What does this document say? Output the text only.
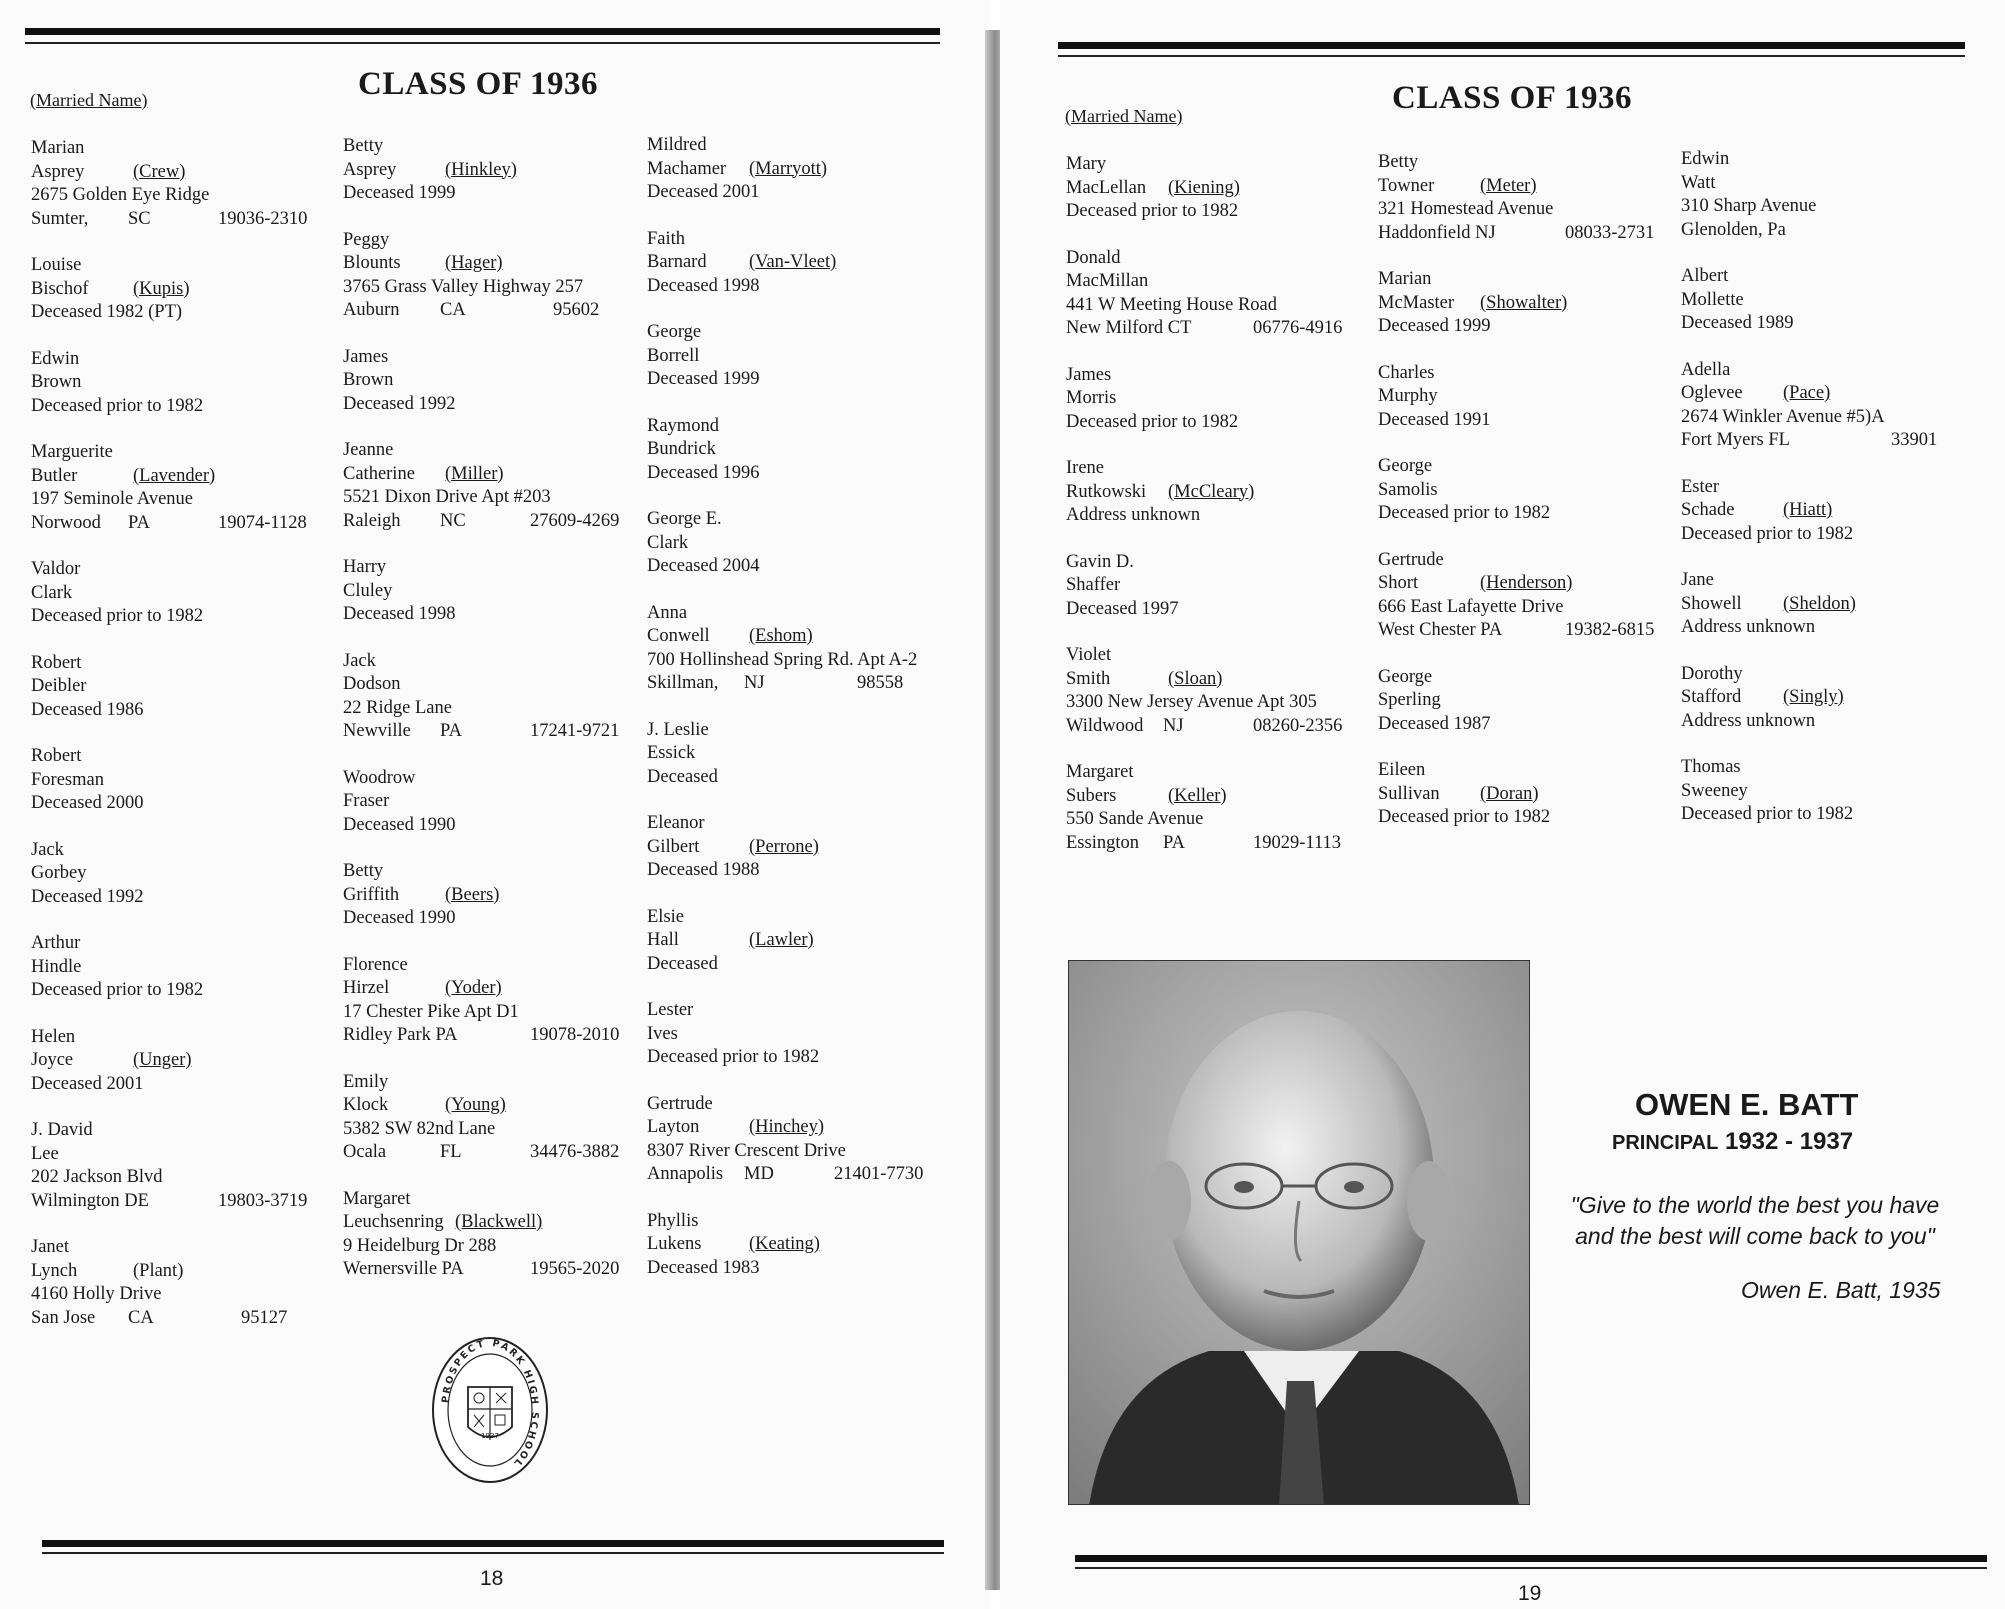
(Married Name)	CLASS OF 1936
Marian
Asprey	(Crew)
2675 Golden Eye Ridge
Sumter, SC	19036-2310
Louise
Bischof (Kupis)
Deceased 1982 (PT)
Edwin
Brown
Deceased prior to 1982
Marguerite
Butler	(Lavender)
197 Seminole Avenue
Norwood PA	19074-1128
Valdor
Clark
Deceased prior to 1982
Robert
Deibler
Deceased 1986
Robert
Foresman
Deceased 2000
Jack
Gorbey
Deceased 1992
Arthur
Hindle
Deceased prior to 1982
Helen
Joyce	(Unger)
Deceased 2001
J. David
Lee
202 Jackson Blvd
Wilmington DE	19803-3719
Janet
Lynch	(Plant)
4160 Holly Drive
San Jose CA	95127
Betty
Asprey	(Hinkley)
Deceased 1999
Peggy
Blounts (Hager)
3765 Grass Valley Highway 257
Auburn CA	95602
James
Brown
Deceased 1992
Jeanne
Catherine (Miller)
5521 Dixon Drive Apt #203
Raleigh NC	27609-4269
Harry
Cluley
Deceased 1998
Jack
Dodson
22 Ridge Lane
Newville PA	17241-9721
Woodrow
Fraser
Deceased 1990
Betty
Griffith (Beers)
Deceased 1990
Florence
Hirzel	(Yoder)
17 Chester Pike Apt D1
Ridley Park PA	19078-2010
Emily
Klock	(Young)
5382 SW 82nd Lane
Ocala	FL	34476-3882
Margaret
Leuchsenring (Blackwell)
9 Heidelburg Dr 288
Wernersville PA	19565-2020
Mildred
Machamer (Marryott)
Deceased 2001
Faith
Barnard (Van-Vleet)
Deceased 1998
George
Borrell
Deceased 1999
Raymond
Bundrick
Deceased 1996
George E.
Clark
Deceased 2004
Anna
Conwell (Eshom)
700 Hollinshead Spring Rd. Apt A-2
Skillman, NJ	98558
J. Leslie
Essick
Deceased
Eleanor
Gilbert	(Perrone)
Deceased 1988
Elsie
Hall	(Lawler)
Deceased
Lester
Ives
Deceased prior to 1982
Gertrude
Layton	(Hinchey)
8307 River Crescent Drive
Annapolis MD	21401-7730
Phyllis
Lukens	(Keating)
Deceased 1983
1937
PROSPECT PARK HIGH SCHOOL
18
(Married Name)	CLASS OF 1936
Mary
MacLellan (Kiening)
Deceased prior to 1982
Donald
MacMillan
441 W Meeting House Road
New Milford CT	06776-4916
James
Morris
Deceased prior to 1982
Irene
Rutkowski (McCleary)
Address unknown
Gavin D.
Shaffer
Deceased 1997
Violet
Smith	(Sloan)
3300 New Jersey Avenue Apt 305
Wildwood NJ	08260-2356
Margaret
Subers	(Keller)
550 Sande Avenue
Essington PA	19029-1113
Betty
Towner (Meter)
321 Homestead Avenue
Haddonfield NJ	08033-2731
Marian
McMaster (Showalter)
Deceased 1999
Charles
Murphy
Deceased 1991
George
Samolis
Deceased prior to 1982
Gertrude
Short	(Henderson)
666 East Lafayette Drive
West Chester PA	19382-6815
George
Sperling
Deceased 1987
Eileen
Sullivan (Doran)
Deceased prior to 1982
Edwin
Watt
310 Sharp Avenue
Glenolden, Pa
Albert
Mollette
Deceased 1989
Adella
Oglevee (Pace)
2674 Winkler Avenue #5)A
Fort Myers FL	33901
Ester
Schade	(Hiatt)
Deceased prior to 1982
Jane
Showell (Sheldon)
Address unknown
Dorothy
Stafford (Singly)
Address unknown
Thomas
Sweeney
Deceased prior to 1982
OWEN E. BATT
PRINCIPAL 1932 - 1937
"Give to the world the best you have
and the best will come back to you"
Owen E. Batt, 1935
19
